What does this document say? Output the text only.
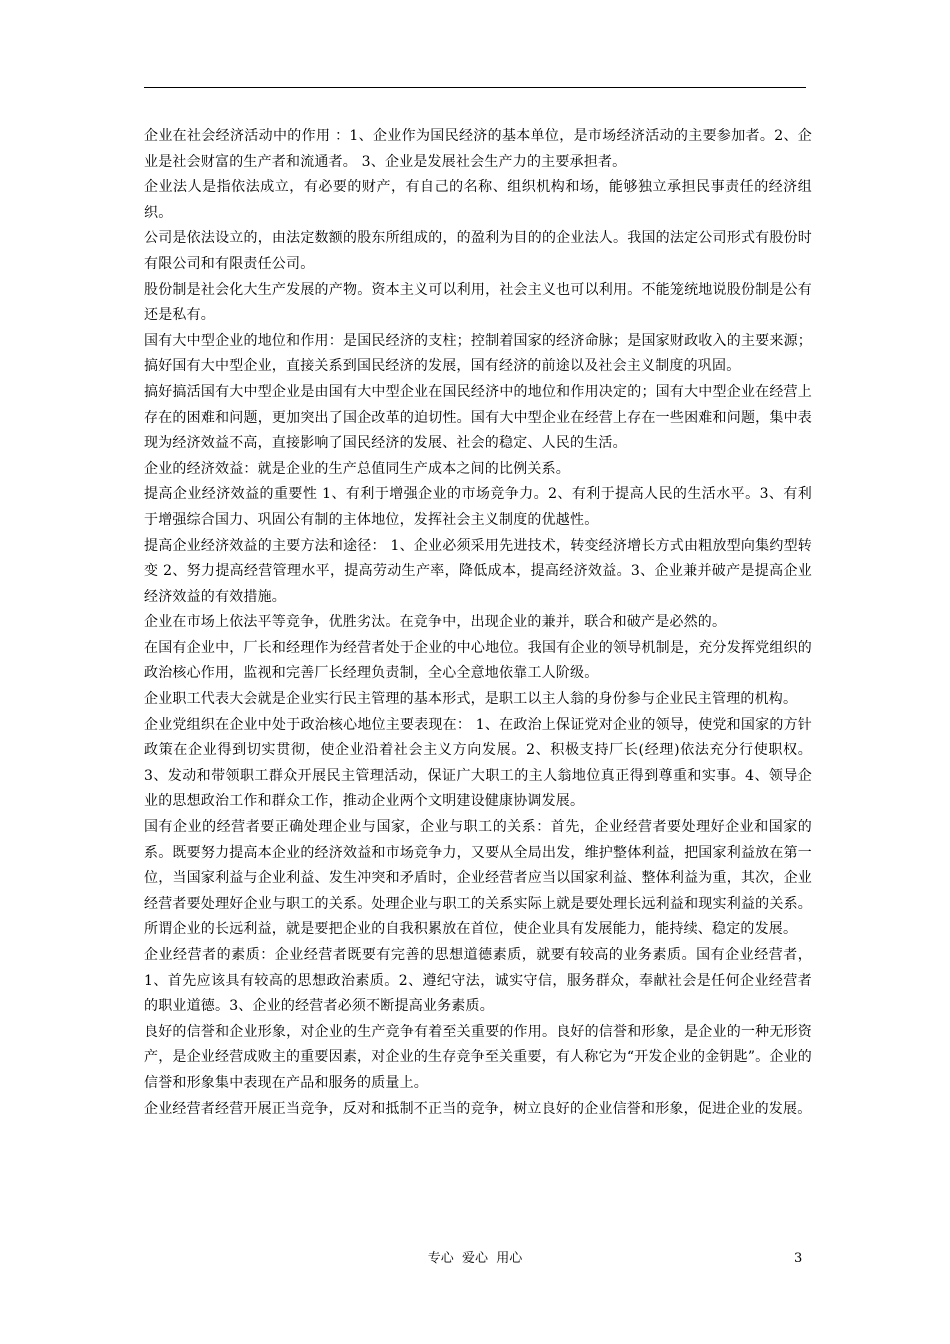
企业在社会经济活动中的作用 ：1、企业作为国民经济的基本单位，是市场经济活动的主要参加者。2、企业是社会财富的生产者和流通者。 3、企业是发展社会生产力的主要承担者。

企业法人是指依法成立，有必要的财产，有自己的名称、组织机构和场，能够独立承担民事责任的经济组织。

公司是依法设立的，由法定数额的股东所组成的，的盈利为目的的企业法人。我国的法定公司形式有股份时有限公司和有限责任公司。

股份制是社会化大生产发展的产物。资本主义可以利用，社会主义也可以利用。不能笼统地说股份制是公有还是私有。

国有大中型企业的地位和作用：是国民经济的支柱；控制着国家的经济命脉；是国家财政收入的主要来源；搞好国有大中型企业，直接关系到国民经济的发展，国有经济的前途以及社会主义制度的巩固。

搞好搞活国有大中型企业是由国有大中型企业在国民经济中的地位和作用决定的；国有大中型企业在经营上存在的困难和问题，更加突出了国企改革的迫切性。国有大中型企业在经营上存在一些困难和问题，集中表现为经济效益不高，直接影响了国民经济的发展、社会的稳定、人民的生活。

企业的经济效益：就是企业的生产总值同生产成本之间的比例关系。

提高企业经济效益的重要性 1、有利于增强企业的市场竞争力。2、有利于提高人民的生活水平。3、有利于增强综合国力、巩固公有制的主体地位，发挥社会主义制度的优越性。

提高企业经济效益的主要方法和途径： 1、企业必须采用先进技术，转变经济增长方式由粗放型向集约型转变 2、努力提高经营管理水平，提高劳动生产率，降低成本，提高经济效益。3、企业兼并破产是提高企业经济效益的有效措施。

企业在市场上依法平等竞争，优胜劣汰。在竞争中，出现企业的兼并，联合和破产是必然的。

在国有企业中，厂长和经理作为经营者处于企业的中心地位。我国有企业的领导机制是，充分发挥党组织的政治核心作用，监视和完善厂长经理负责制，全心全意地依靠工人阶级。

企业职工代表大会就是企业实行民主管理的基本形式，是职工以主人翁的身份参与企业民主管理的机构。

企业党组织在企业中处于政治核心地位主要表现在： 1、在政治上保证党对企业的领导，使党和国家的方针政策在企业得到切实贯彻，使企业沿着社会主义方向发展。2、积极支持厂长(经理)依法充分行使职权。3、发动和带领职工群众开展民主管理活动，保证广大职工的主人翁地位真正得到尊重和实事。4、领导企业的思想政治工作和群众工作，推动企业两个文明建设健康协调发展。

国有企业的经营者要正确处理企业与国家，企业与职工的关系：首先，企业经营者要处理好企业和国家的系。既要努力提高本企业的经济效益和市场竞争力，又要从全局出发，维护整体利益，把国家利益放在第一位，当国家利益与企业利益、发生冲突和矛盾时，企业经营者应当以国家利益、整体利益为重，其次，企业经营者要处理好企业与职工的关系。处理企业与职工的关系实际上就是要处理长远利益和现实利益的关系。所谓企业的长远利益，就是要把企业的自我积累放在首位，使企业具有发展能力，能持续、稳定的发展。

企业经营者的素质：企业经营者既要有完善的思想道德素质，就要有较高的业务素质。国有企业经营者，1、首先应该具有较高的思想政治素质。2、遵纪守法，诚实守信，服务群众，奉献社会是任何企业经营者的职业道德。3、企业的经营者必须不断提高业务素质。

良好的信誉和企业形象，对企业的生产竞争有着至关重要的作用。良好的信誉和形象，是企业的一种无形资产，是企业经营成败主的重要因素，对企业的生存竞争至关重要，有人称它为“开发企业的金钥匙”。企业的信誉和形象集中表现在产品和服务的质量上。

企业经营者经营开展正当竞争，反对和抵制不正当的竞争，树立良好的企业信誉和形象，促进企业的发展。

专心  爱心  用心	3
